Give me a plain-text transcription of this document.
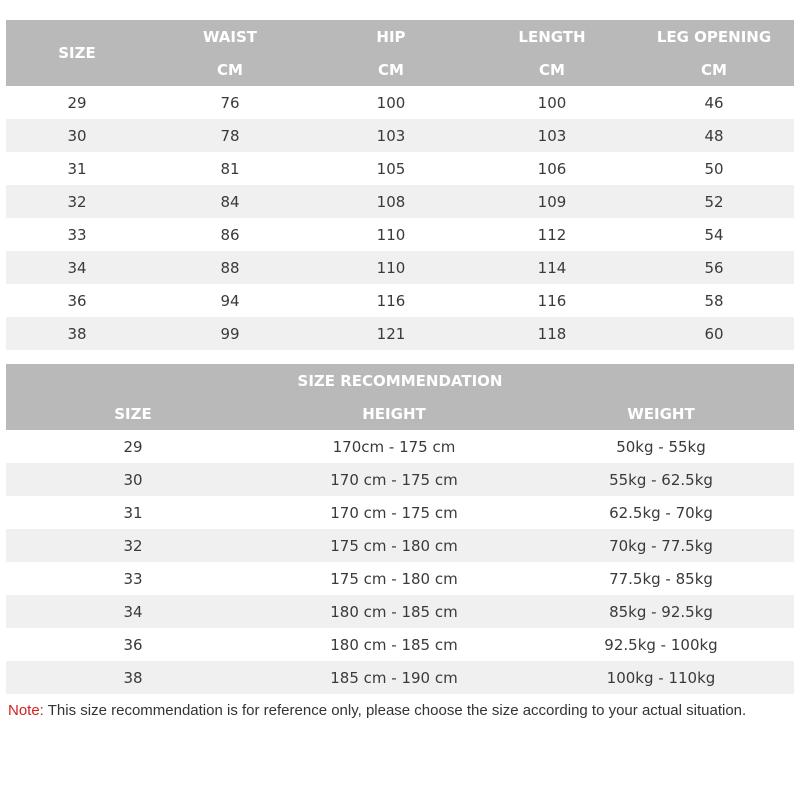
SIZE
WAIST	HIP	LENGTH	LEG OPENING
CM	CM	CM	CM
29	76	100	100	46
30	78	103	103	48
31	81	105	106	50
32	84	108	109	52
33	86	110	112	54
34	88	110	114	56
36	94	116	116	58
38	99	121	118	60
SIZE RECOMMENDATION
SIZE	HEIGHT	WEIGHT
29	170cm - 175 cm	50kg - 55kg
30	170 cm - 175 cm	55kg - 62.5kg
31	170 cm - 175 cm	62.5kg - 70kg
32	175 cm - 180 cm	70kg - 77.5kg
33	175 cm - 180 cm	77.5kg - 85kg
34	180 cm - 185 cm	85kg - 92.5kg
36	180 cm - 185 cm	92.5kg - 100kg
38	185 cm - 190 cm	100kg - 110kg
Note: This size recommendation is for reference only, please choose the size according to your actual situation.
